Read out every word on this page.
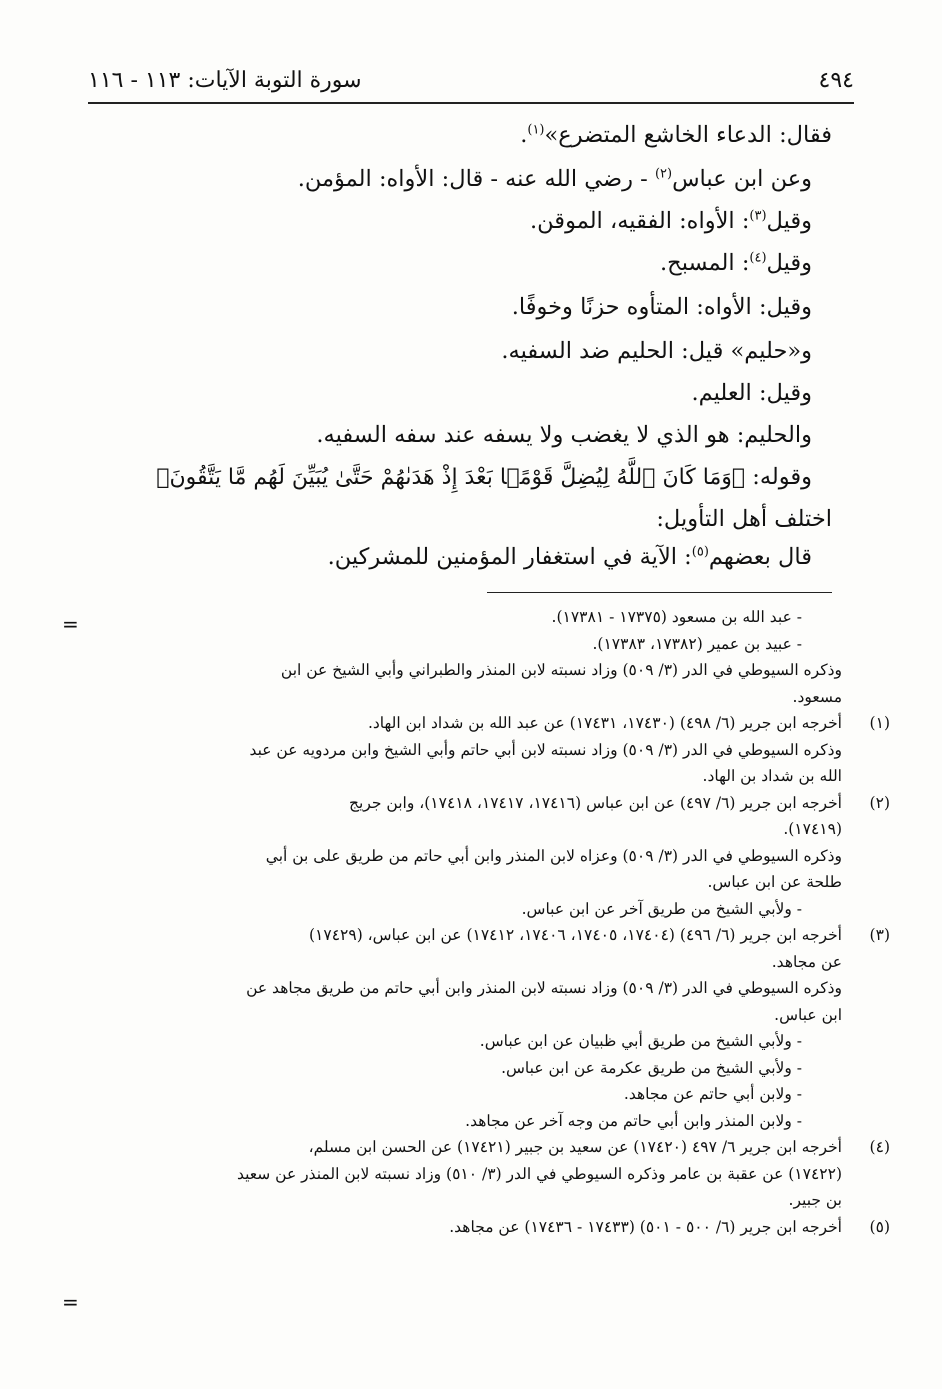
سورة التوبة الآيات: ١١٣ - ١١٦	٤٩٤
فقال: الدعاء الخاشع المتضرع»$^{(١)}$.
وعن ابن عباس$^{(٢)}$ - رضي الله عنه - قال: الأواه: المؤمن.
وقيل$^{(٣)}$: الأواه: الفقيه، الموقن.
وقيل$^{(٤)}$: المسبح.
وقيل: الأواه: المتأوه حزنًا وخوفًا.
و«حليم» قيل: الحليم ضد السفيه.
وقيل: العليم.
والحليم: هو الذي لا يغضب ولا يسفه عند سفه السفيه.
وقوله: ﴿وَمَا كَانَ ٱللَّهُ لِيُضِلَّ قَوْمًۢا بَعْدَ إِذْ هَدَىٰهُمْ حَتَّىٰ يُبَيِّنَ لَهُم مَّا يَتَّقُونَ﴾
اختلف أهل التأويل:
قال بعضهم$^{(٥)}$: الآية في استغفار المؤمنين للمشركين.
=
=
- عبد الله بن مسعود (١٧٣٧٥ - ١٧٣٨١).
- عبيد بن عمير (١٧٣٨٢، ١٧٣٨٣).
وذكره السيوطي في الدر (٣/ ٥٠٩) وزاد نسبته لابن المنذر والطبراني وأبي الشيخ عن ابن
مسعود.
(١)
أخرجه ابن جرير (٦/ ٤٩٨) (١٧٤٣٠، ١٧٤٣١) عن عبد الله بن شداد ابن الهاد.
وذكره السيوطي في الدر (٣/ ٥٠٩) وزاد نسبته لابن أبي حاتم وأبي الشيخ وابن مردويه عن عبد
الله بن شداد بن الهاد.
(٢)
أخرجه ابن جرير (٦/ ٤٩٧) عن ابن عباس (١٧٤١٦، ١٧٤١٧، ١٧٤١٨)، وابن جريج
(١٧٤١٩).
وذكره السيوطي في الدر (٣/ ٥٠٩) وعزاه لابن المنذر وابن أبي حاتم من طريق على بن أبي
طلحة عن ابن عباس.
- ولأبي الشيخ من طريق آخر عن ابن عباس.
(٣)
أخرجه ابن جرير (٦/ ٤٩٦) (١٧٤٠٤، ١٧٤٠٥، ١٧٤٠٦، ١٧٤١٢) عن ابن عباس، (١٧٤٢٩)
عن مجاهد.
وذكره السيوطي في الدر (٣/ ٥٠٩) وزاد نسبته لابن المنذر وابن أبي حاتم من طريق مجاهد عن
ابن عباس.
- ولأبي الشيخ من طريق أبي ظبيان عن ابن عباس.
- ولأبي الشيخ من طريق عكرمة عن ابن عباس.
- ولابن أبي حاتم عن مجاهد.
- ولابن المنذر وابن أبي حاتم من وجه آخر عن مجاهد.
(٤)
أخرجه ابن جرير ٦/ ٤٩٧ (١٧٤٢٠) عن سعيد بن جبير (١٧٤٢١) عن الحسن ابن مسلم،
(١٧٤٢٢) عن عقبة بن عامر وذكره السيوطي في الدر (٣/ ٥١٠) وزاد نسبته لابن المنذر عن سعيد
بن جبير.
(٥)
أخرجه ابن جرير (٦/ ٥٠٠ - ٥٠١) (١٧٤٣٣ - ١٧٤٣٦) عن مجاهد.
